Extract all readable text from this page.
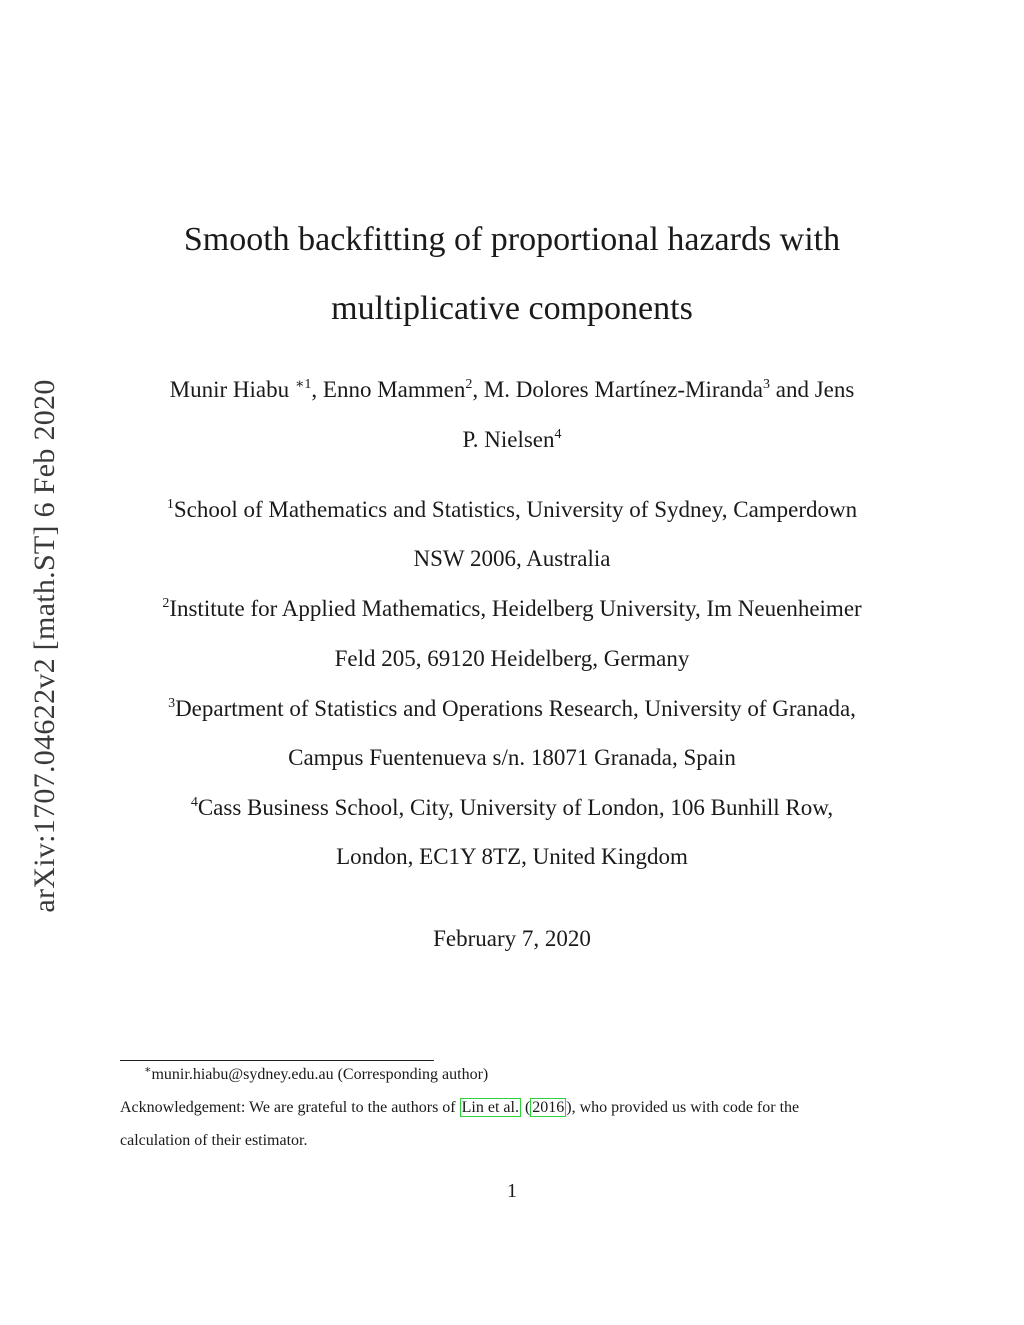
arXiv:1707.04622v2 [math.ST] 6 Feb 2020
Smooth backfitting of proportional hazards with
multiplicative components
Munir Hiabu $^{∗1}$, Enno Mammen$^2$, M. Dolores Martínez-Miranda$^3$ and Jens
P. Nielsen$^4$
$^1$School of Mathematics and Statistics, University of Sydney, Camperdown
NSW 2006, Australia
$^2$Institute for Applied Mathematics, Heidelberg University, Im Neuenheimer
Feld 205, 69120 Heidelberg, Germany
$^3$Department of Statistics and Operations Research, University of Granada,
Campus Fuentenueva s/n. 18071 Granada, Spain
$^4$Cass Business School, City, University of London, 106 Bunhill Row,
London, EC1Y 8TZ, United Kingdom
February 7, 2020
∗munir.hiabu@sydney.edu.au (Corresponding author)
Acknowledgement: We are grateful to the authors of Lin et al. ( 2016 ), who provided us with code for the
calculation of their estimator.
1
